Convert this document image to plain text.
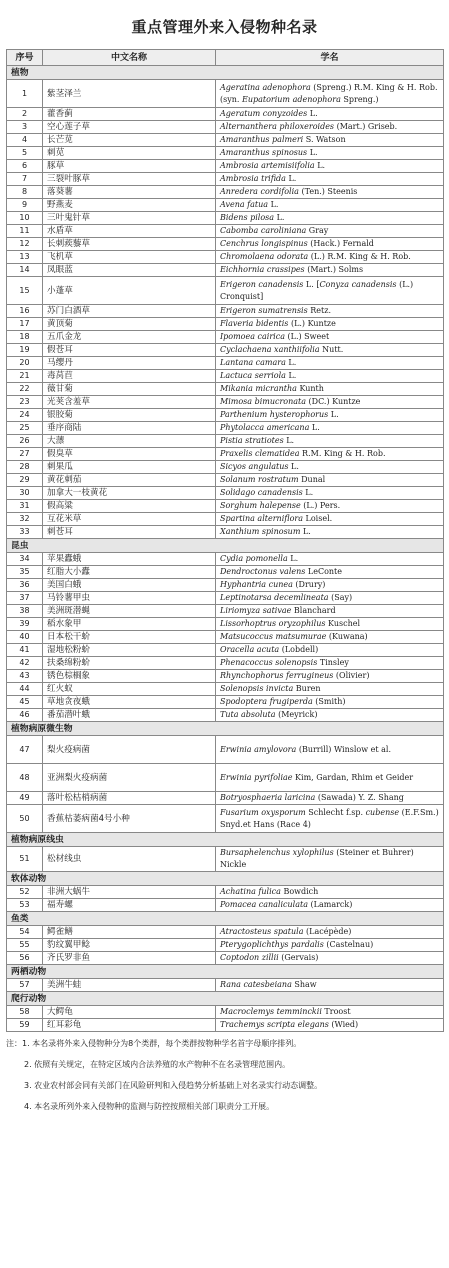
重点管理外来入侵物种名录
序号	中文名称	学名
植物		
1	紫茎泽兰	Ageratina adenophora (Spreng.) R.M. King & H. Rob. (syn. Eupatorium adenophora Spreng.)
2	藿香蓟	Ageratum conyzoides L.
3	空心莲子草	Alternanthera philoxeroides (Mart.) Griseb.
4	长芒苋	Amaranthus palmeri S. Watson
5	刺苋	Amaranthus spinosus L.
6	豚草	Ambrosia artemisiifolia L.
7	三裂叶豚草	Ambrosia trifida L.
8	落葵薯	Anredera cordifolia (Ten.) Steenis
9	野燕麦	Avena fatua L.
10	三叶鬼针草	Bidens pilosa L.
11	水盾草	Cabomba caroliniana Gray
12	长刺蒺藜草	Cenchrus longispinus (Hack.) Fernald
13	飞机草	Chromolaena odorata (L.) R.M. King & H. Rob.
14	凤眼蓝	Eichhornia crassipes (Mart.) Solms
15	小蓬草	Erigeron canadensis L. [Conyza canadensis (L.) Cronquist]
16	苏门白酒草	Erigeron sumatrensis Retz.
17	黄顶菊	Flaveria bidentis (L.) Kuntze
18	五爪金龙	Ipomoea cairica (L.) Sweet
19	假苍耳	Cyclachaena xanthiifolia Nutt.
20	马缨丹	Lantana camara L.
21	毒莴苣	Lactuca serriola L.
22	薇甘菊	Mikania micrantha Kunth
23	光荚含羞草	Mimosa bimucronata (DC.) Kuntze
24	银胶菊	Parthenium hysterophorus L.
25	垂序商陆	Phytolacca americana L.
26	大薸	Pistia stratiotes L.
27	假臭草	Praxelis clematidea R.M. King & H. Rob.
28	刺果瓜	Sicyos angulatus L.
29	黄花刺茄	Solanum rostratum Dunal
30	加拿大一枝黄花	Solidago canadensis L.
31	假高粱	Sorghum halepense (L.) Pers.
32	互花米草	Spartina alterniflora Loisel.
33	刺苍耳	Xanthium spinosum L.
昆虫		
34	苹果蠹蛾	Cydia pomonella L.
35	红脂大小蠹	Dendroctonus valens LeConte
36	美国白蛾	Hyphantria cunea (Drury)
37	马铃薯甲虫	Leptinotarsa decemlineata (Say)
38	美洲斑潜蝇	Liriomyza sativae Blanchard
39	稻水象甲	Lissorhoptrus oryzophilus Kuschel
40	日本松干蚧	Matsucoccus matsumurae (Kuwana)
41	湿地松粉蚧	Oracella acuta (Lobdell)
42	扶桑绵粉蚧	Phenacoccus solenopsis Tinsley
43	锈色棕榈象	Rhynchophorus ferrugineus (Olivier)
44	红火蚁	Solenopsis invicta Buren
45	草地贪夜蛾	Spodoptera frugiperda (Smith)
46	番茄潜叶蛾	Tuta absoluta (Meyrick)
植物病原微生物		
47	梨火疫病菌	Erwinia amylovora (Burrill) Winslow et al.
48	亚洲梨火疫病菌	Erwinia pyrifoliae Kim, Gardan, Rhim et Geider
49	落叶松枯梢病菌	Botryosphaeria laricina (Sawada) Y. Z. Shang
50	香蕉枯萎病菌4号小种	Fusarium oxysporum Schlecht f.sp. cubense (E.F.Sm.) Snyd.et Hans (Race 4)
植物病原线虫		
51	松材线虫	Bursaphelenchus xylophilus (Steiner et Buhrer) Nickle
软体动物		
52	非洲大蜗牛	Achatina fulica Bowdich
53	福寿螺	Pomacea canaliculata (Lamarck)
鱼类		
54	鳄雀鳝	Atractosteus spatula (Lacépède)
55	豹纹翼甲鲶	Pterygoplichthys pardalis (Castelnau)
56	齐氏罗非鱼	Coptodon zillii (Gervais)
两栖动物		
57	美洲牛蛙	Rana catesbeiana Shaw
爬行动物		
58	大鳄龟	Macroclemys temminckii Troost
59	红耳彩龟	Trachemys scripta elegans (Wied)

注：1. 本名录将外来入侵物种分为8个类群，每个类群按物种学名首字母顺序排列。

2. 依照有关规定，在特定区域内合法养殖的水产物种不在名录管理范围内。

3. 农业农村部会同有关部门在风险研判和入侵趋势分析基础上对名录实行动态调整。

4. 本名录所列外来入侵物种的监测与防控按照相关部门职责分工开展。
